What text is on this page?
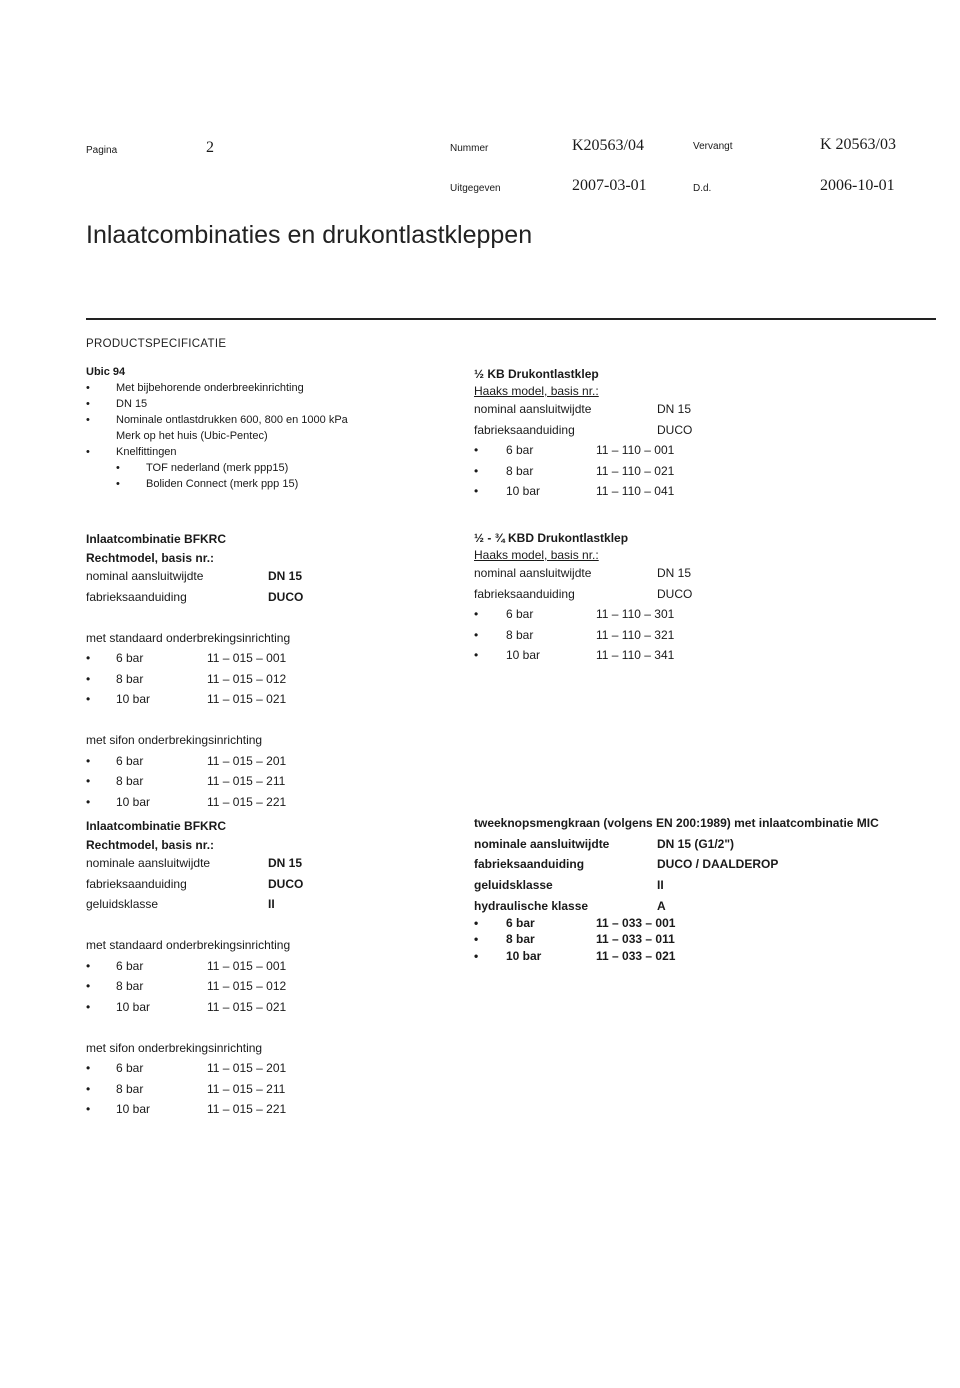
Pagina	2	Nummer	K20563/04	Vervangt	K 20563/03
Uitgegeven	2007-03-01	D.d.	2006-10-01
Inlaatcombinaties en drukontlastkleppen
PRODUCTSPECIFICATIE
Ubic 94
• Met bijbehorende onderbreekinrichting
• DN 15
• Nominale ontlastdrukken 600, 800 en 1000 kPa
Merk op het huis (Ubic-Pentec)
• Knelfittingen
• TOF nederland (merk ppp15)
• Boliden Connect (merk ppp 15)
½ KB Drukontlastklep
Haaks model, basis nr.:
nominal aansluitwijdte	DN 15
fabrieksaanduiding	DUCO
• 6 bar	11 – 110 – 001
• 8 bar	11 – 110 – 021
• 10 bar	11 – 110 – 041
Inlaatcombinatie BFKRC
Rechtmodel, basis nr.:
nominal aansluitwijdte	DN 15
fabrieksaanduiding	DUCO
met standaard onderbrekingsinrichting
• 6 bar	11 – 015 – 001
• 8 bar	11 – 015 – 012
• 10 bar	11 – 015 – 021
met sifon onderbrekingsinrichting
• 6 bar	11 – 015 – 201
• 8 bar	11 – 015 – 211
• 10 bar	11 – 015 – 221
½ - ¾ KBD Drukontlastklep
Haaks model, basis nr.:
nominal aansluitwijdte	DN 15
fabrieksaanduiding	DUCO
• 6 bar	11 – 110 – 301
• 8 bar	11 – 110 – 321
• 10 bar	11 – 110 – 341
Inlaatcombinatie BFKRC
Rechtmodel, basis nr.:
nominale aansluitwijdte	DN 15
fabrieksaanduiding	DUCO
geluidsklasse	II
met standaard onderbrekingsinrichting
• 6 bar	11 – 015 – 001
• 8 bar	11 – 015 – 012
• 10 bar	11 – 015 – 021
met sifon onderbrekingsinrichting
• 6 bar	11 – 015 – 201
• 8 bar	11 – 015 – 211
• 10 bar	11 – 015 – 221
tweeknopsmengkraan (volgens EN 200:1989) met inlaatcombinatie MIC
nominale aansluitwijdte	DN 15 (G1/2")
fabrieksaanduiding	DUCO / DAALDEROP
geluidsklasse	II
hydraulische klasse	A
• 6 bar	11 – 033 – 001
• 8 bar	11 – 033 – 011
• 10 bar	11 – 033 – 021
